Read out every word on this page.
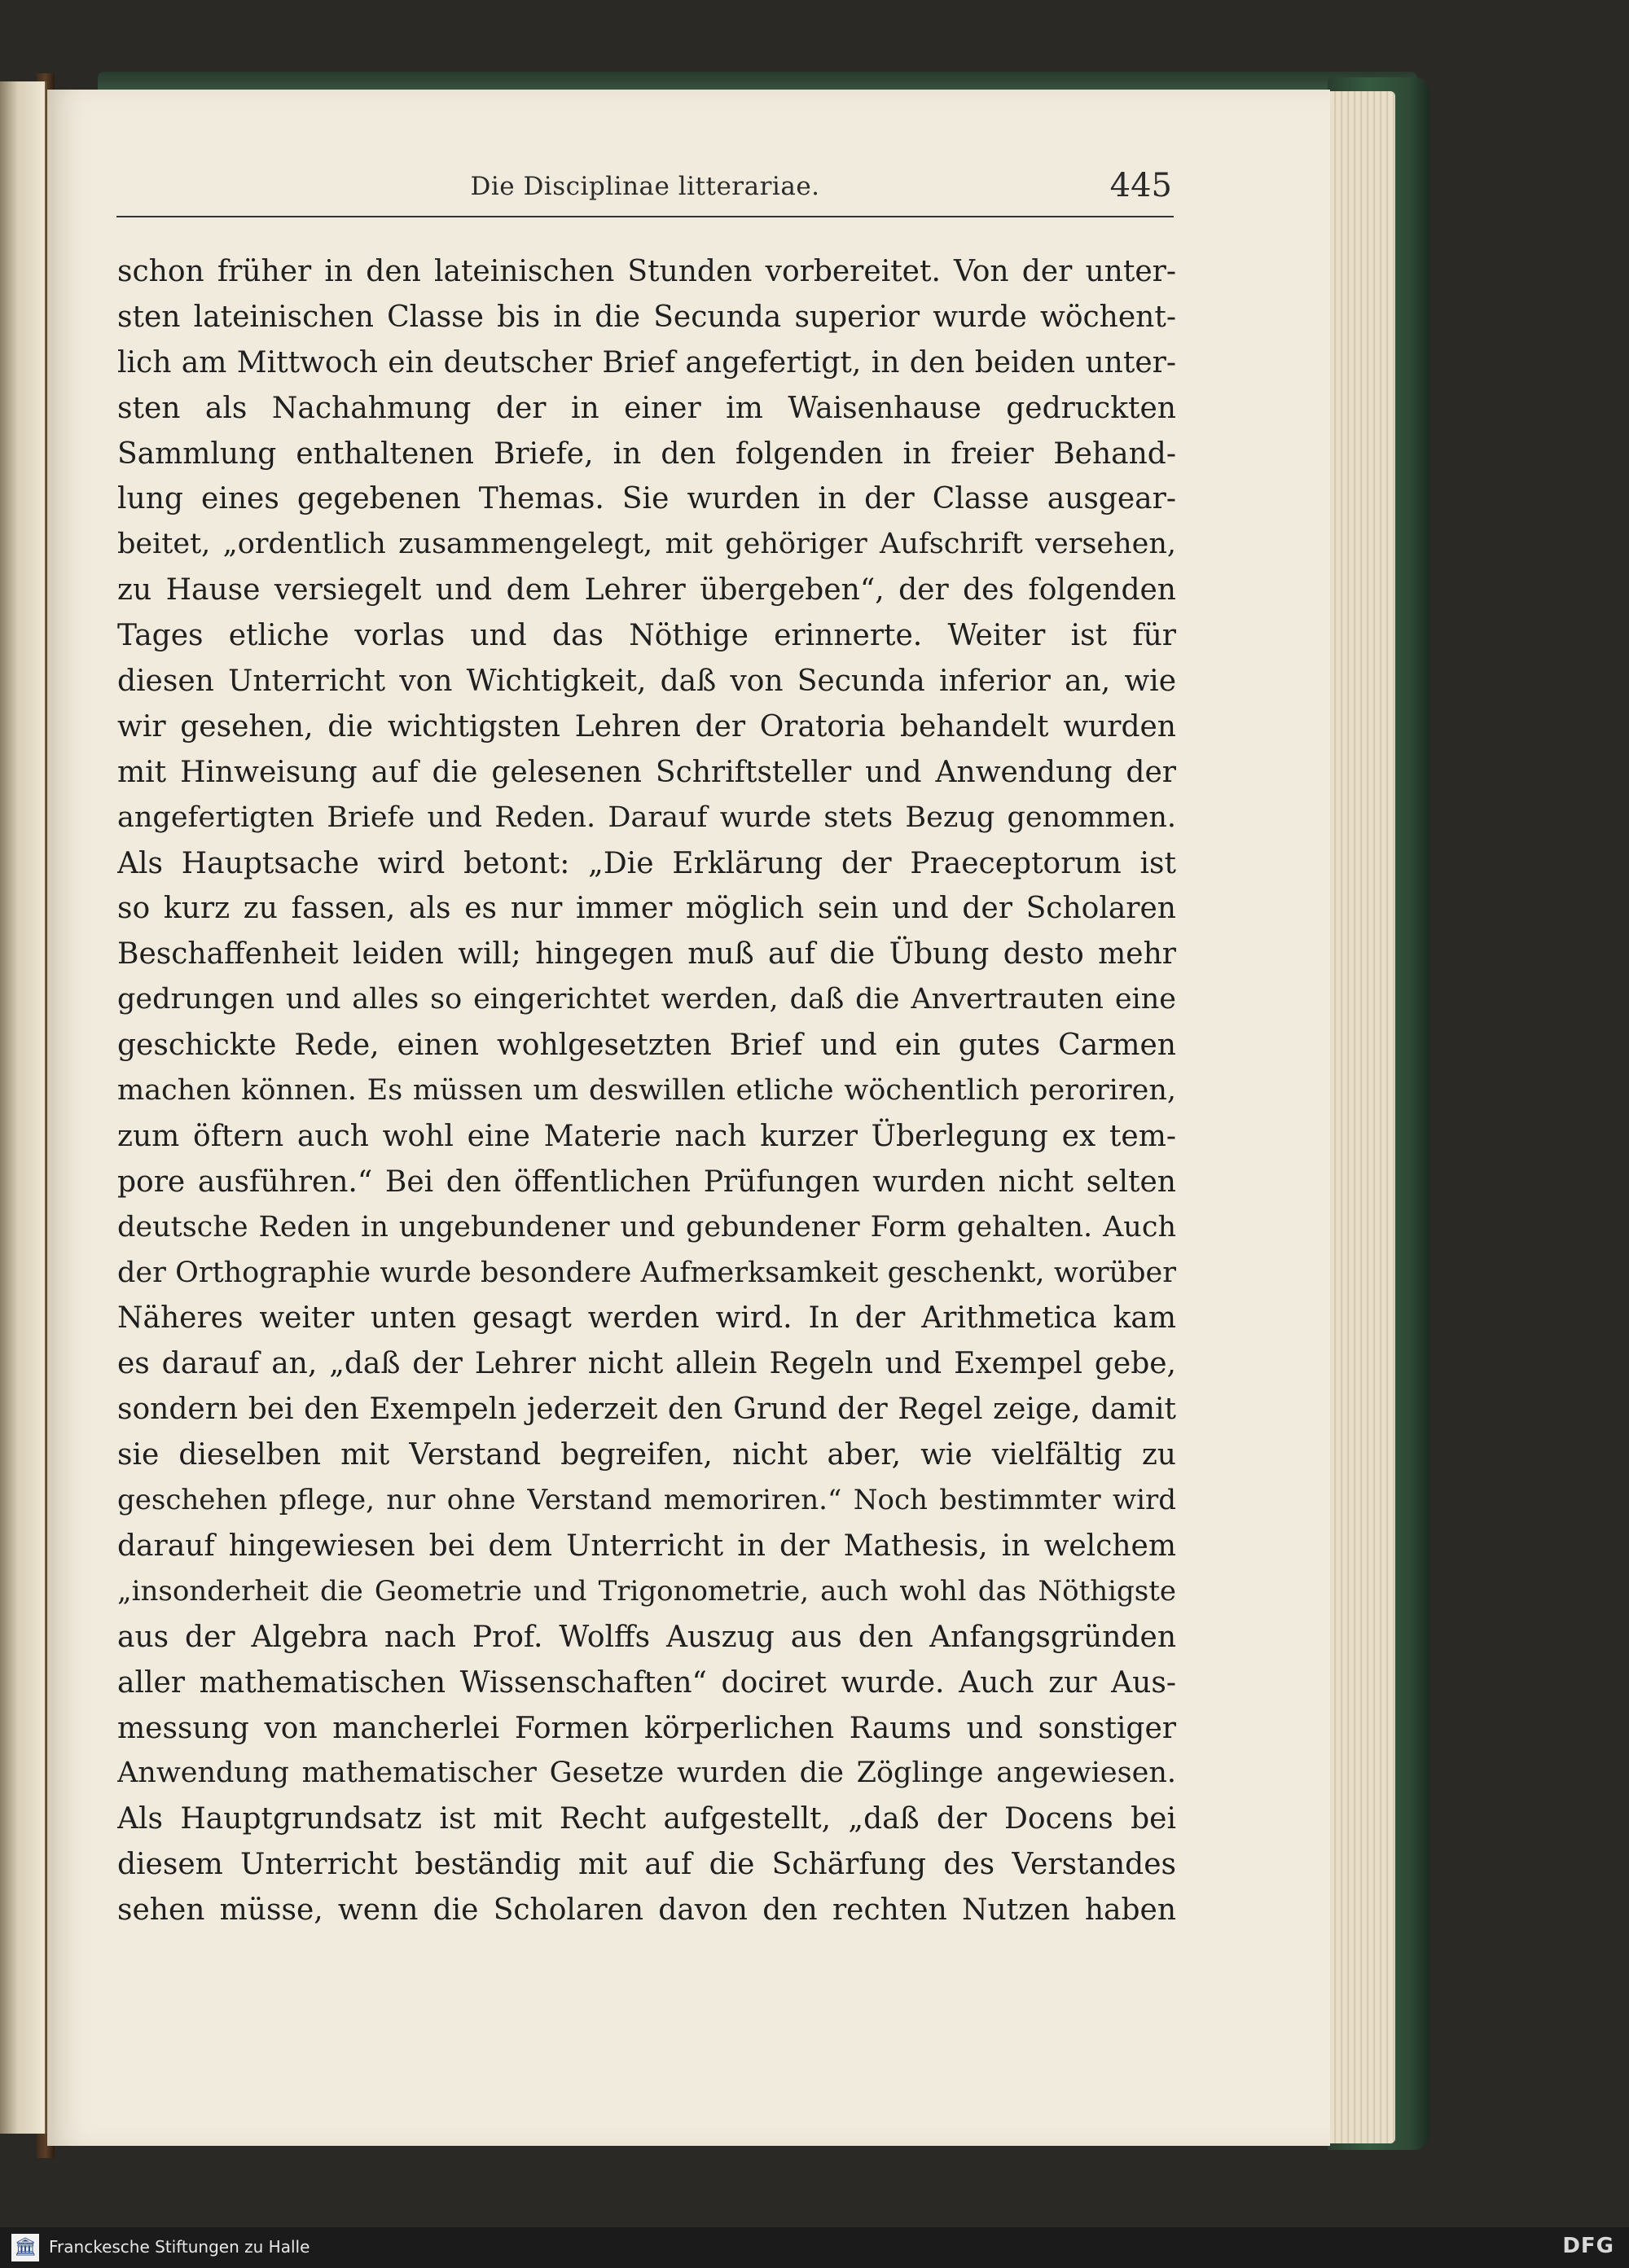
Die Disciplinae litterariae.	445
schon früher in den lateinischen Stunden vorbereitet. Von der unter-
sten lateinischen Classe bis in die Secunda superior wurde wöchent-
lich am Mittwoch ein deutscher Brief angefertigt, in den beiden unter-
sten als Nachahmung der in einer im Waisenhause gedruckten
Sammlung enthaltenen Briefe, in den folgenden in freier Behand-
lung eines gegebenen Themas. Sie wurden in der Classe ausgear-
beitet, „ordentlich zusammengelegt, mit gehöriger Aufschrift versehen,
zu Hause versiegelt und dem Lehrer übergeben“, der des folgenden
Tages etliche vorlas und das Nöthige erinnerte. Weiter ist für
diesen Unterricht von Wichtigkeit, daß von Secunda inferior an, wie
wir gesehen, die wichtigsten Lehren der Oratoria behandelt wurden
mit Hinweisung auf die gelesenen Schriftsteller und Anwendung der
angefertigten Briefe und Reden. Darauf wurde stets Bezug genommen.
Als Hauptsache wird betont: „Die Erklärung der Praeceptorum ist
so kurz zu fassen, als es nur immer möglich sein und der Scholaren
Beschaffenheit leiden will; hingegen muß auf die Übung desto mehr
gedrungen und alles so eingerichtet werden, daß die Anvertrauten eine
geschickte Rede, einen wohlgesetzten Brief und ein gutes Carmen
machen können. Es müssen um deswillen etliche wöchentlich peroriren,
zum öftern auch wohl eine Materie nach kurzer Überlegung ex tem-
pore ausführen.“ Bei den öffentlichen Prüfungen wurden nicht selten
deutsche Reden in ungebundener und gebundener Form gehalten. Auch
der Orthographie wurde besondere Aufmerksamkeit geschenkt, worüber
Näheres weiter unten gesagt werden wird. In der Arithmetica kam
es darauf an, „daß der Lehrer nicht allein Regeln und Exempel gebe,
sondern bei den Exempeln jederzeit den Grund der Regel zeige, damit
sie dieselben mit Verstand begreifen, nicht aber, wie vielfältig zu
geschehen pflege, nur ohne Verstand memoriren.“ Noch bestimmter wird
darauf hingewiesen bei dem Unterricht in der Mathesis, in welchem
„insonderheit die Geometrie und Trigonometrie, auch wohl das Nöthigste
aus der Algebra nach Prof. Wolffs Auszug aus den Anfangsgründen
aller mathematischen Wissenschaften“ dociret wurde. Auch zur Aus-
messung von mancherlei Formen körperlichen Raums und sonstiger
Anwendung mathematischer Gesetze wurden die Zöglinge angewiesen.
Als Hauptgrundsatz ist mit Recht aufgestellt, „daß der Docens bei
diesem Unterricht beständig mit auf die Schärfung des Verstandes
sehen müsse, wenn die Scholaren davon den rechten Nutzen haben
🏛 Franckesche Stiftungen zu Halle	DFG
